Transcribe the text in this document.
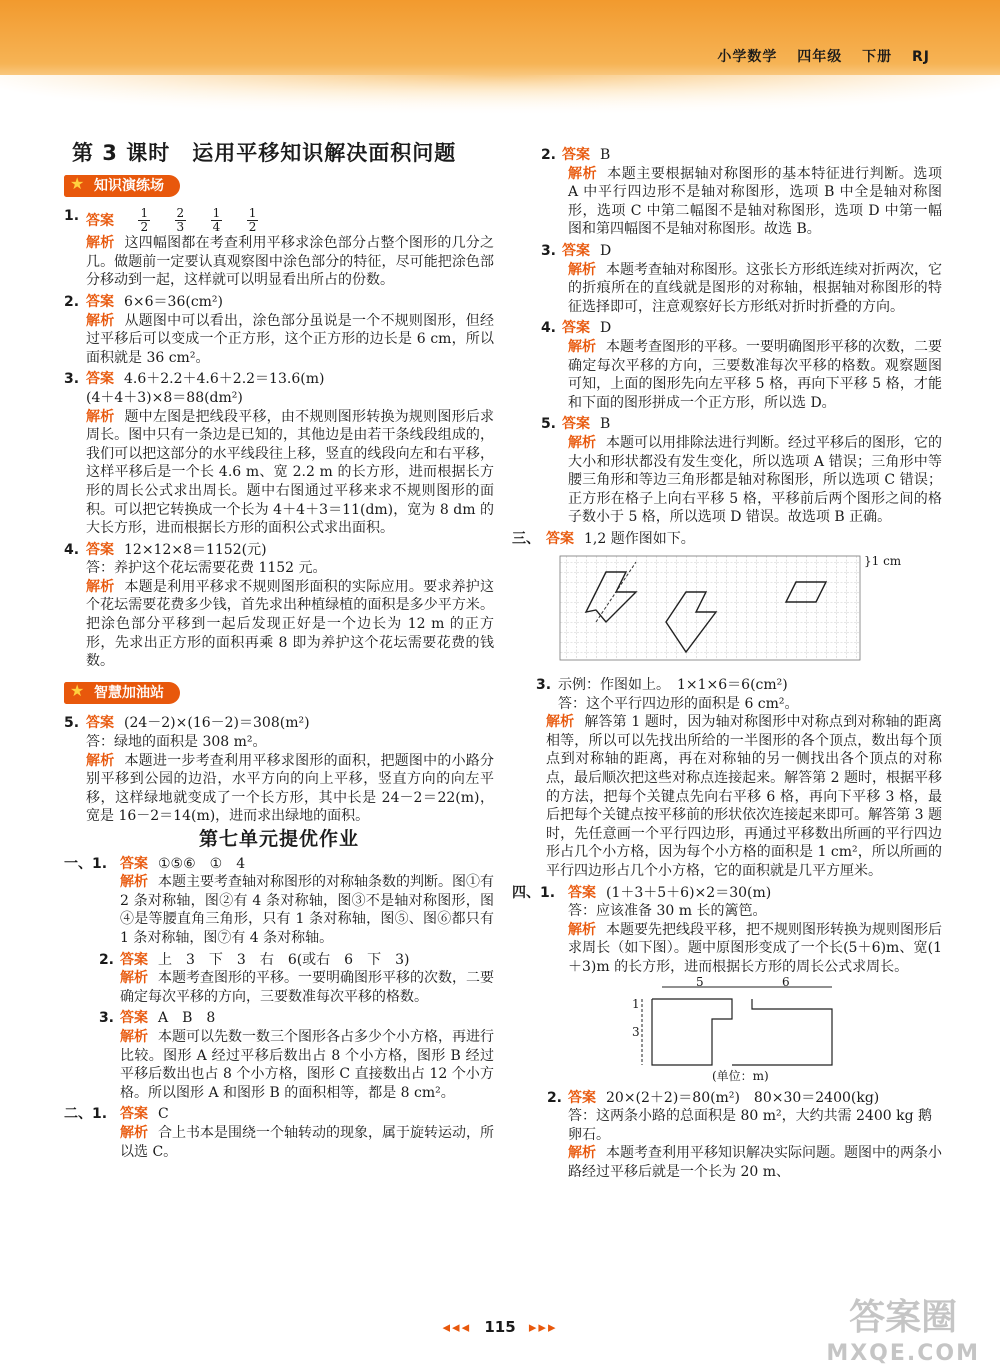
小学数学 四年级 下册 RJ
第 3 课时　运用平移知识解决面积问题
★ 知识演练场
1. 答案 $\frac{1}{2}$
$\frac{2}{3}$
$\frac{1}{4}$
$\frac{1}{2}$
解析 这四幅图都在考查利用平移求涂色部分占整个图形的几分之几。做题前一定要认真观察图中涂色部分的特征，尽可能把涂色部分移动到一起，这样就可以明显看出所占的份数。
2. 答案 6×6＝36(cm²)
解析 从题图中可以看出，涂色部分虽说是一个不规则图形，但经过平移后可以变成一个正方形，这个正方形的边长是 6 cm，所以面积就是 36 cm²。
3. 答案 4.6＋2.2＋4.6＋2.2＝13.6(m)
(4＋4＋3)×8＝88(dm²)
解析 题中左图是把线段平移，由不规则图形转换为规则图形后求周长。图中只有一条边是已知的，其他边是由若干条线段组成的，我们可以把这部分的水平线段往上移，竖直的线段向左和右平移，这样平移后是一个长 4.6 m、宽 2.2 m 的长方形，进而根据长方形的周长公式求出周长。题中右图通过平移来求不规则图形的面积。可以把它转换成一个长为 4＋4＋3＝11(dm)，宽为 8 dm 的大长方形，进而根据长方形的面积公式求出面积。
4. 答案 12×12×8＝1152(元)
答：养护这个花坛需要花费 1152 元。
解析 本题是利用平移求不规则图形面积的实际应用。要求养护这个花坛需要花费多少钱，首先求出种植绿植的面积是多少平方米。把涂色部分平移到一起后发现正好是一个边长为 12 m 的正方形，先求出正方形的面积再乘 8 即为养护这个花坛需要花费的钱数。
★ 智慧加油站
5. 答案 (24－2)×(16－2)＝308(m²)
答：绿地的面积是 308 m²。
解析 本题进一步考查利用平移求图形的面积，把题图中的小路分别平移到公园的边沿，水平方向的向上平移，竖直方向的向左平移，这样绿地就变成了一个长方形，其中长是 24－2＝22(m)，宽是 16－2＝14(m)，进而求出绿地的面积。
第七单元提优作业
一、1. 答案 ①⑤⑥　①　4
解析 本题主要考查轴对称图形的对称轴条数的判断。图①有 2 条对称轴，图②有 4 条对称轴，图③不是轴对称图形，图④是等腰直角三角形，只有 1 条对称轴，图⑤、图⑥都只有 1 条对称轴，图⑦有 4 条对称轴。
2. 答案 上　3　下　3　右　6(或右　6　下　3)
解析 本题考查图形的平移。一要明确图形平移的次数，二要确定每次平移的方向，三要数准每次平移的格数。
3. 答案 A　B　8
解析 本题可以先数一数三个图形各占多少个小方格，再进行比较。图形 A 经过平移后数出占 8 个小方格，图形 B 经过平移后数出也占 8 个小方格，图形 C 直接数出占 12 个小方格。所以图形 A 和图形 B 的面积相等，都是 8 cm²。
二、1. 答案 C
解析 合上书本是围绕一个轴转动的现象，属于旋转运动，所以选 C。
2. 答案 B
解析 本题主要根据轴对称图形的基本特征进行判断。选项 A 中平行四边形不是轴对称图形，选项 B 中全是轴对称图形，选项 C 中第二幅图不是轴对称图形，选项 D 中第一幅图和第四幅图不是轴对称图形。故选 B。
3. 答案 D
解析 本题考查轴对称图形。这张长方形纸连续对折两次，它的折痕所在的直线就是图形的对称轴，根据轴对称图形的特征选择即可，注意观察好长方形纸对折时折叠的方向。
4. 答案 D
解析 本题考查图形的平移。一要明确图形平移的次数，二要确定每次平移的方向，三要数准每次平移的格数。观察题图可知，上面的图形先向左平移 5 格，再向下平移 5 格，才能和下面的图形拼成一个正方形，所以选 D。
5. 答案 B
解析 本题可以用排除法进行判断。经过平移后的图形，它的大小和形状都没有发生变化，所以选项 A 错误；三角形中等腰三角形和等边三角形都是轴对称图形，所以选项 C 错误；正方形在格子上向右平移 5 格，平移前后两个图形之间的格子数小于 5 格，所以选项 D 错误。故选项 B 正确。
三、 答案 1,2 题作图如下。
}1 cm
3. 示例：作图如上。　1×1×6＝6(cm²)
答：这个平行四边形的面积是 6 cm²。
解析 解答第 1 题时，因为轴对称图形中对称点到对称轴的距离相等，所以可以先找出所给的一半图形的各个顶点，数出每个顶点到对称轴的距离，再在对称轴的另一侧找出各个顶点的对称点，最后顺次把这些对称点连接起来。解答第 2 题时，根据平移的方法，把每个关键点先向右平移 6 格，再向下平移 3 格，最后把每个关键点按平移前的形状依次连接起来即可。解答第 3 题时，先任意画一个平行四边形，再通过平移数出所画的平行四边形占几个小方格，因为每个小方格的面积是 1 cm²，所以所画的平行四边形占几个小方格，它的面积就是几平方厘米。
四、1. 答案 (1＋3＋5＋6)×2＝30(m)
答：应该准备 30 m 长的篱笆。
解析 本题要先把线段平移，把不规则图形转换为规则图形后求周长（如下图）。题中原图形变成了一个长(5＋6)m、宽(1＋3)m 的长方形，进而根据长方形的周长公式求周长。
5	6
1
3
(单位：m)
2. 答案 20×(2＋2)＝80(m²)　80×30＝2400(kg)
答：这两条小路的总面积是 80 m²，大约共需 2400 kg 鹅卵石。
解析 本题考查利用平移知识解决实际问题。题图中的两条小路经过平移后就是一个长为 20 m、
◂◂◂ 115 ▸▸▸	答案圈
MXQE.COM
